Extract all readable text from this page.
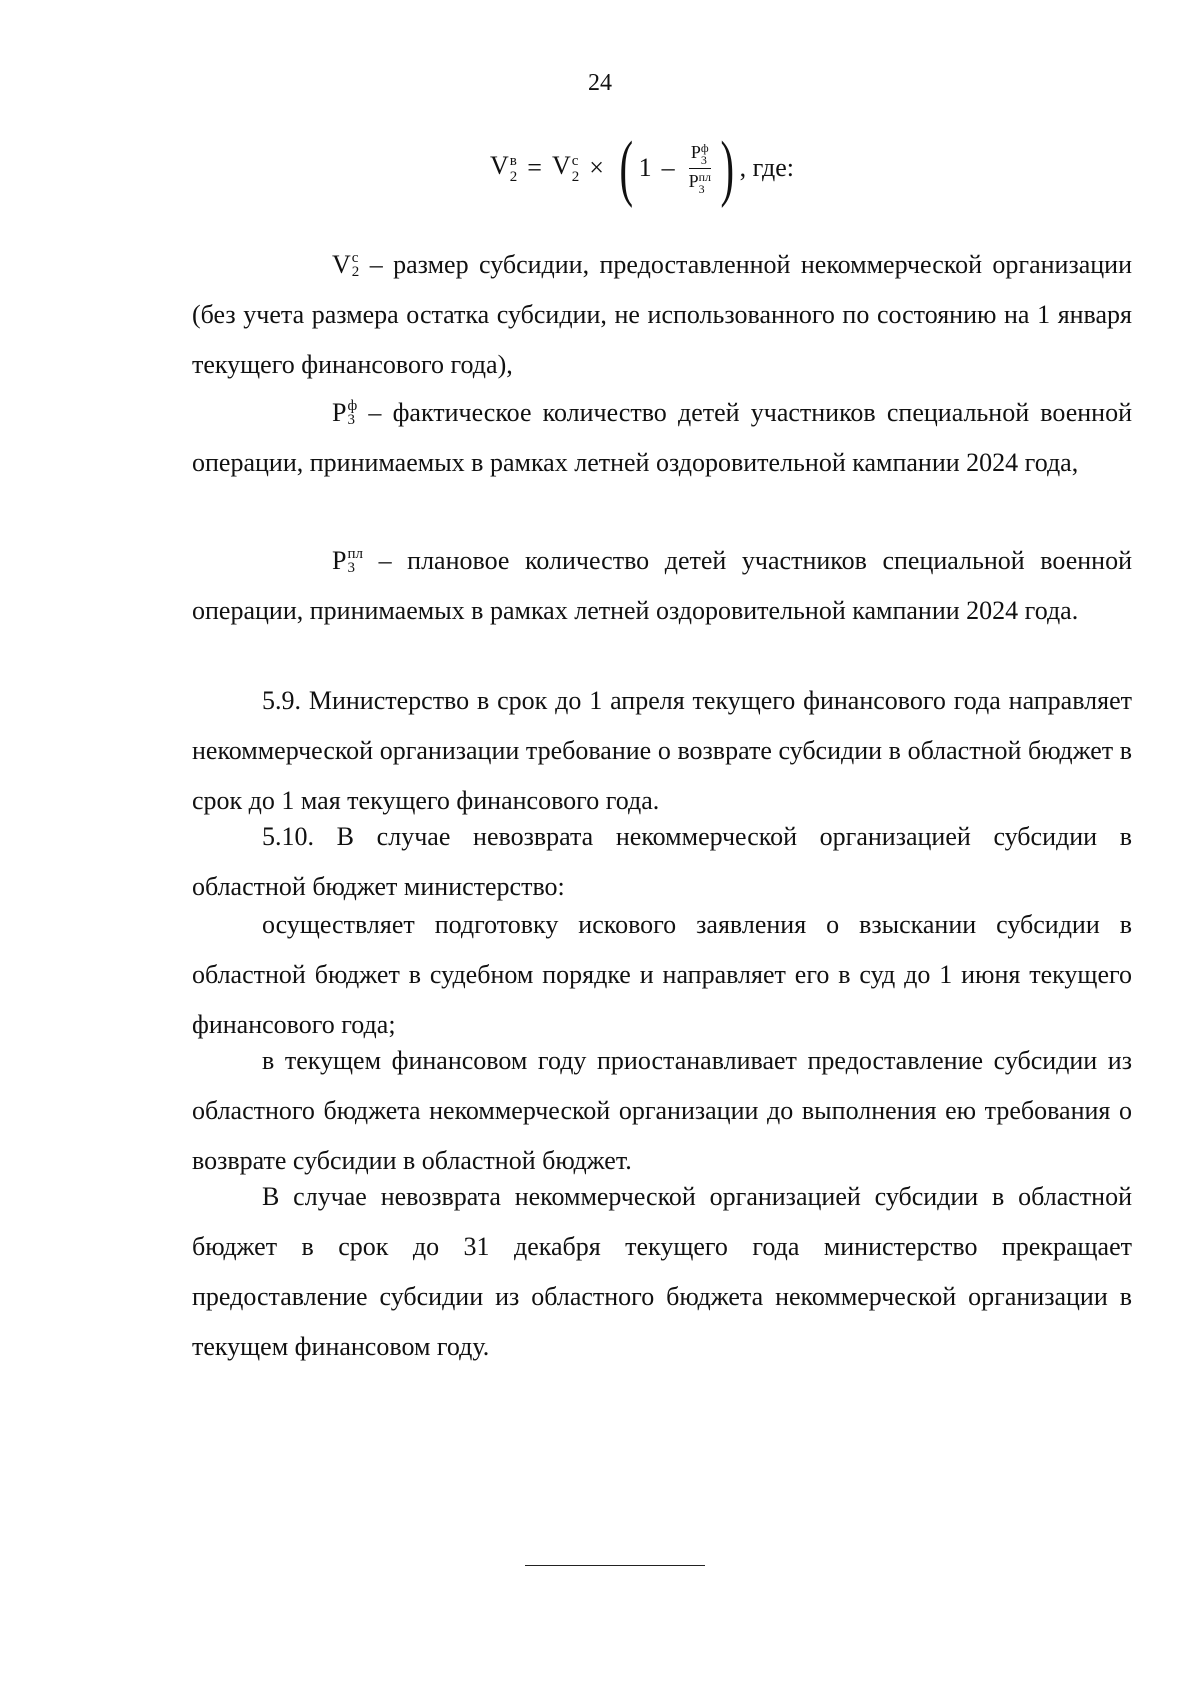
24
V в
2 = V с
2 × ( 1 – P ф
3
P пл
3 ) , где:
V с
2 – размер субсидии, предоставленной некоммерческой организации (без учета размера остатка субсидии, не использованного по состоянию на 1 января текущего финансового года),
P ф
3 – фактическое количество детей участников специальной военной операции, принимаемых в рамках летней оздоровительной кампании 2024 года,
P пл
3 – плановое количество детей участников специальной военной операции, принимаемых в рамках летней оздоровительной кампании 2024 года.
5.9. Министерство в срок до 1 апреля текущего финансового года направляет некоммерческой организации требование о возврате субсидии в областной бюджет в срок до 1 мая текущего финансового года.
5.10. В случае невозврата некоммерческой организацией субсидии в областной бюджет министерство:
осуществляет подготовку искового заявления о взыскании субсидии в областной бюджет в судебном порядке и направляет его в суд до 1 июня текущего финансового года;
в текущем финансовом году приостанавливает предоставление субсидии из областного бюджета некоммерческой организации до выполнения ею требования о возврате субсидии в областной бюджет.
В случае невозврата некоммерческой организацией субсидии в областной бюджет в срок до 31 декабря текущего года министерство прекращает предоставление субсидии из областного бюджета некоммерческой организации в текущем финансовом году.
